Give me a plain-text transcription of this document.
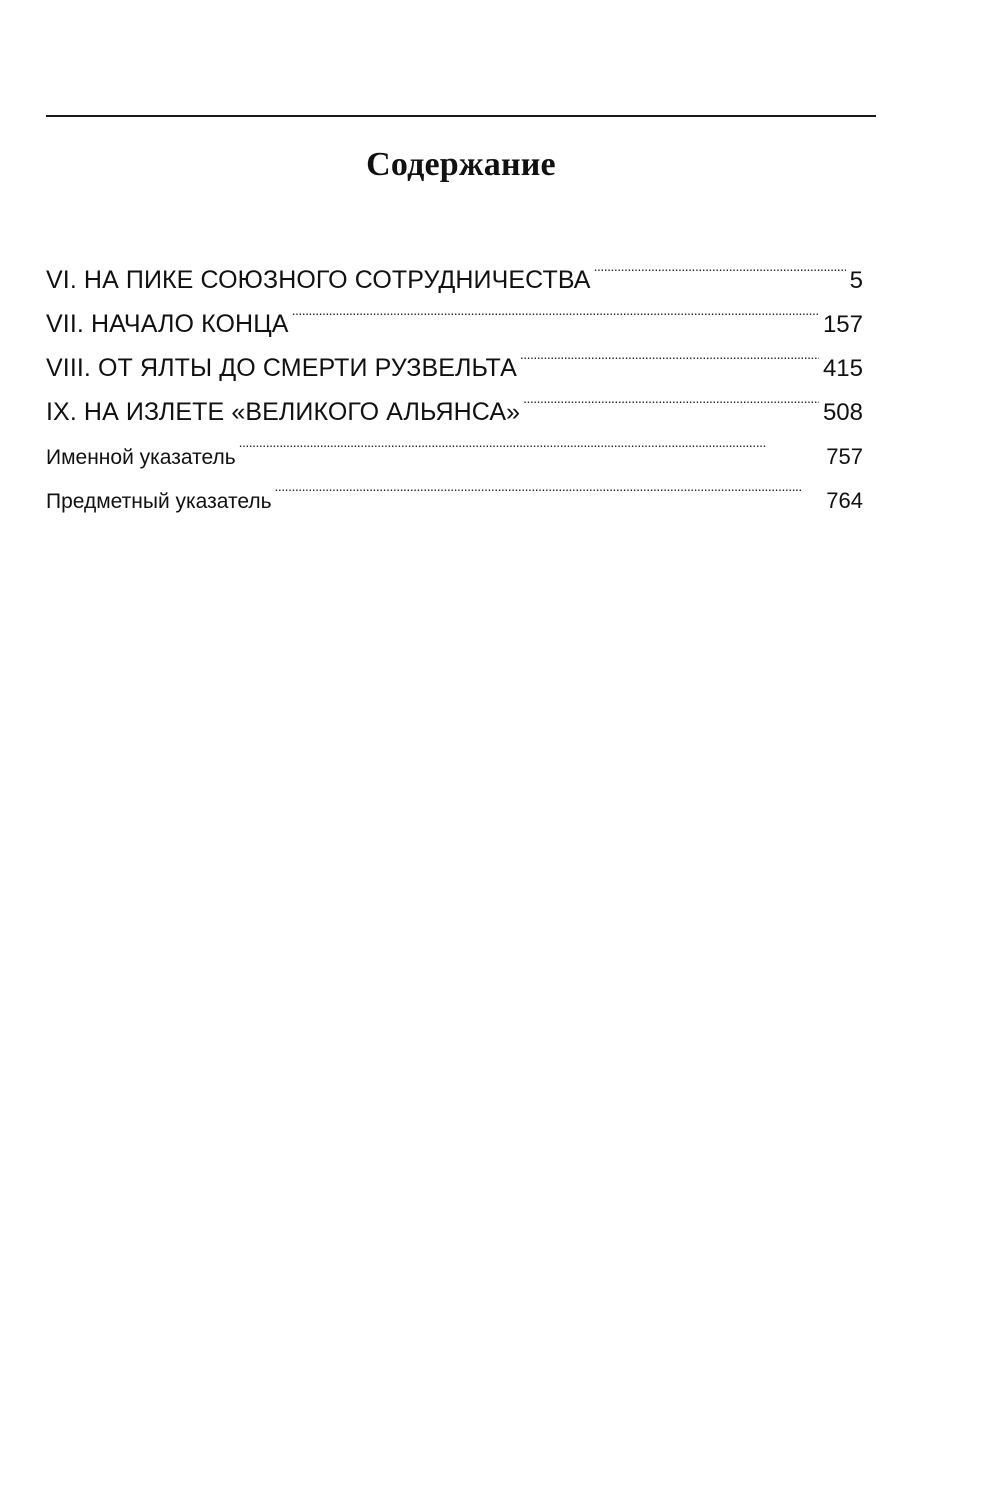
Содержание
VI. НА ПИКЕ СОЮЗНОГО СОТРУДНИЧЕСТВА . . .	5
VII. НАЧАЛО КОНЦА . . .	157
VIII. ОТ ЯЛТЫ ДО СМЕРТИ РУЗВЕЛЬТА . . .	415
IX. НА ИЗЛЕТЕ «ВЕЛИКОГО АЛЬЯНСА» . . .	508
Именной указатель . . .	757
Предметный указатель . . .	764
